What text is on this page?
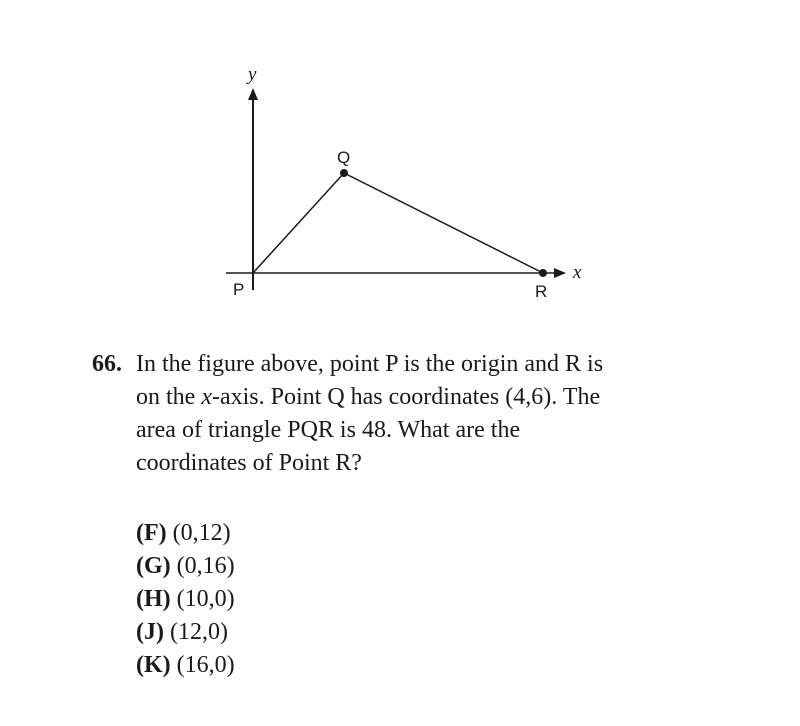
y
x
P
Q
R
66. In the figure above, point P is the origin and R is
on the x-axis. Point Q has coordinates (4,6). The
area of triangle PQR is 48. What are the
coordinates of Point R?
(F) (0,12)
(G) (0,16)
(H) (10,0)
(J) (12,0)
(K) (16,0)
